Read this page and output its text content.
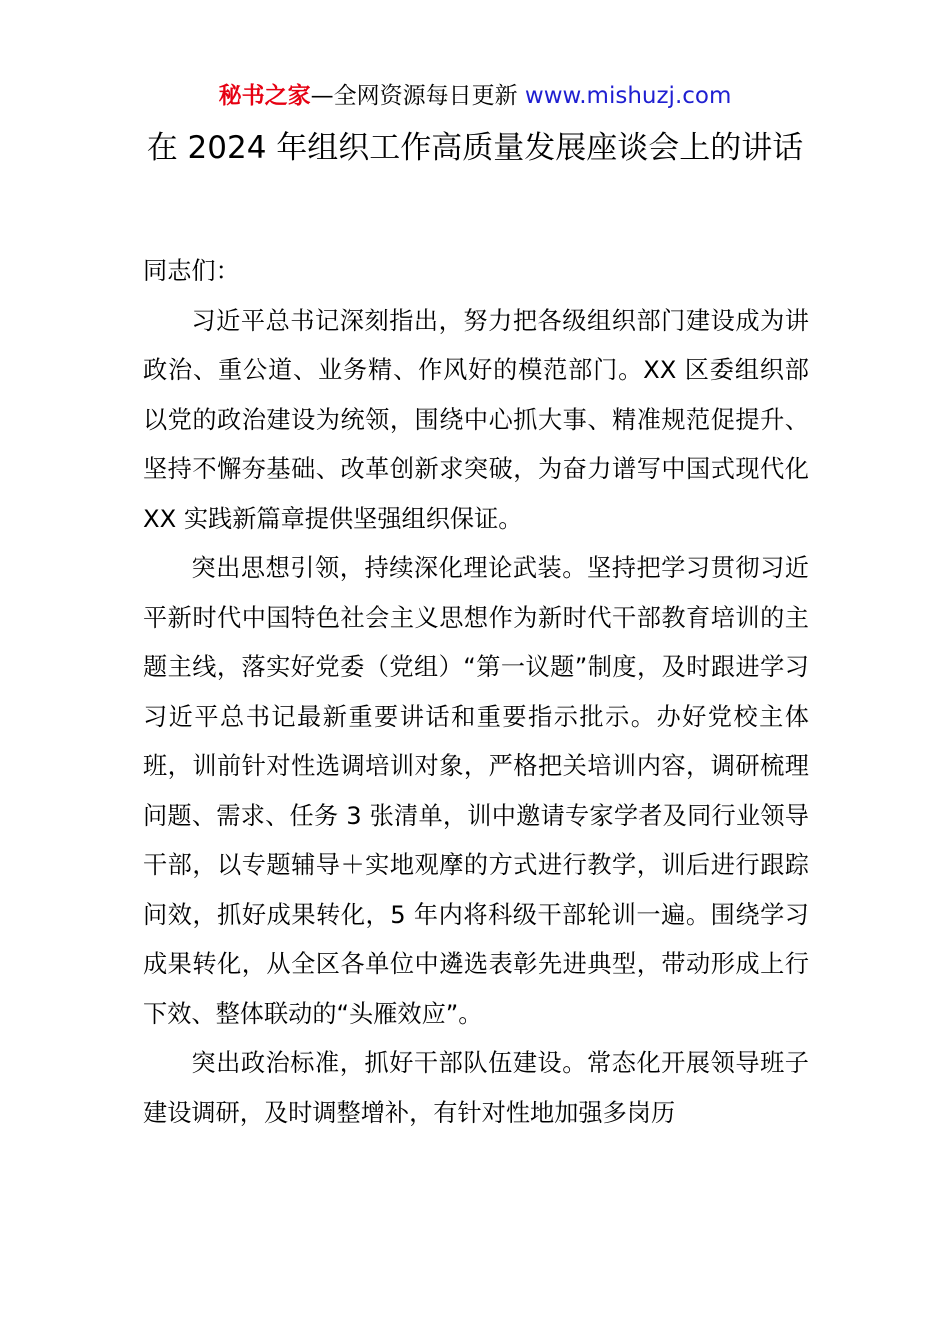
秘书之家—全网资源每日更新 www.mishuzj.com
在 2024 年组织工作高质量发展座谈会上的讲话

同志们：

习近平总书记深刻指出，努力把各级组织部门建设成为讲政治、重公道、业务精、作风好的模范部门。XX 区委组织部以党的政治建设为统领，围绕中心抓大事、精准规范促提升、坚持不懈夯基础、改革创新求突破，为奋力谱写中国式现代化 XX 实践新篇章提供坚强组织保证。

突出思想引领，持续深化理论武装。坚持把学习贯彻习近平新时代中国特色社会主义思想作为新时代干部教育培训的主题主线，落实好党委（党组）“第一议题”制度，及时跟进学习习近平总书记最新重要讲话和重要指示批示。办好党校主体班，训前针对性选调培训对象，严格把关培训内容，调研梳理问题、需求、任务 3 张清单，训中邀请专家学者及同行业领导干部，以专题辅导＋实地观摩的方式进行教学，训后进行跟踪问效，抓好成果转化，5 年内将科级干部轮训一遍。围绕学习成果转化，从全区各单位中遴选表彰先进典型，带动形成上行下效、整体联动的“头雁效应”。

突出政治标准，抓好干部队伍建设。常态化开展领导班子建设调研，及时调整增补，有针对性地加强多岗历
